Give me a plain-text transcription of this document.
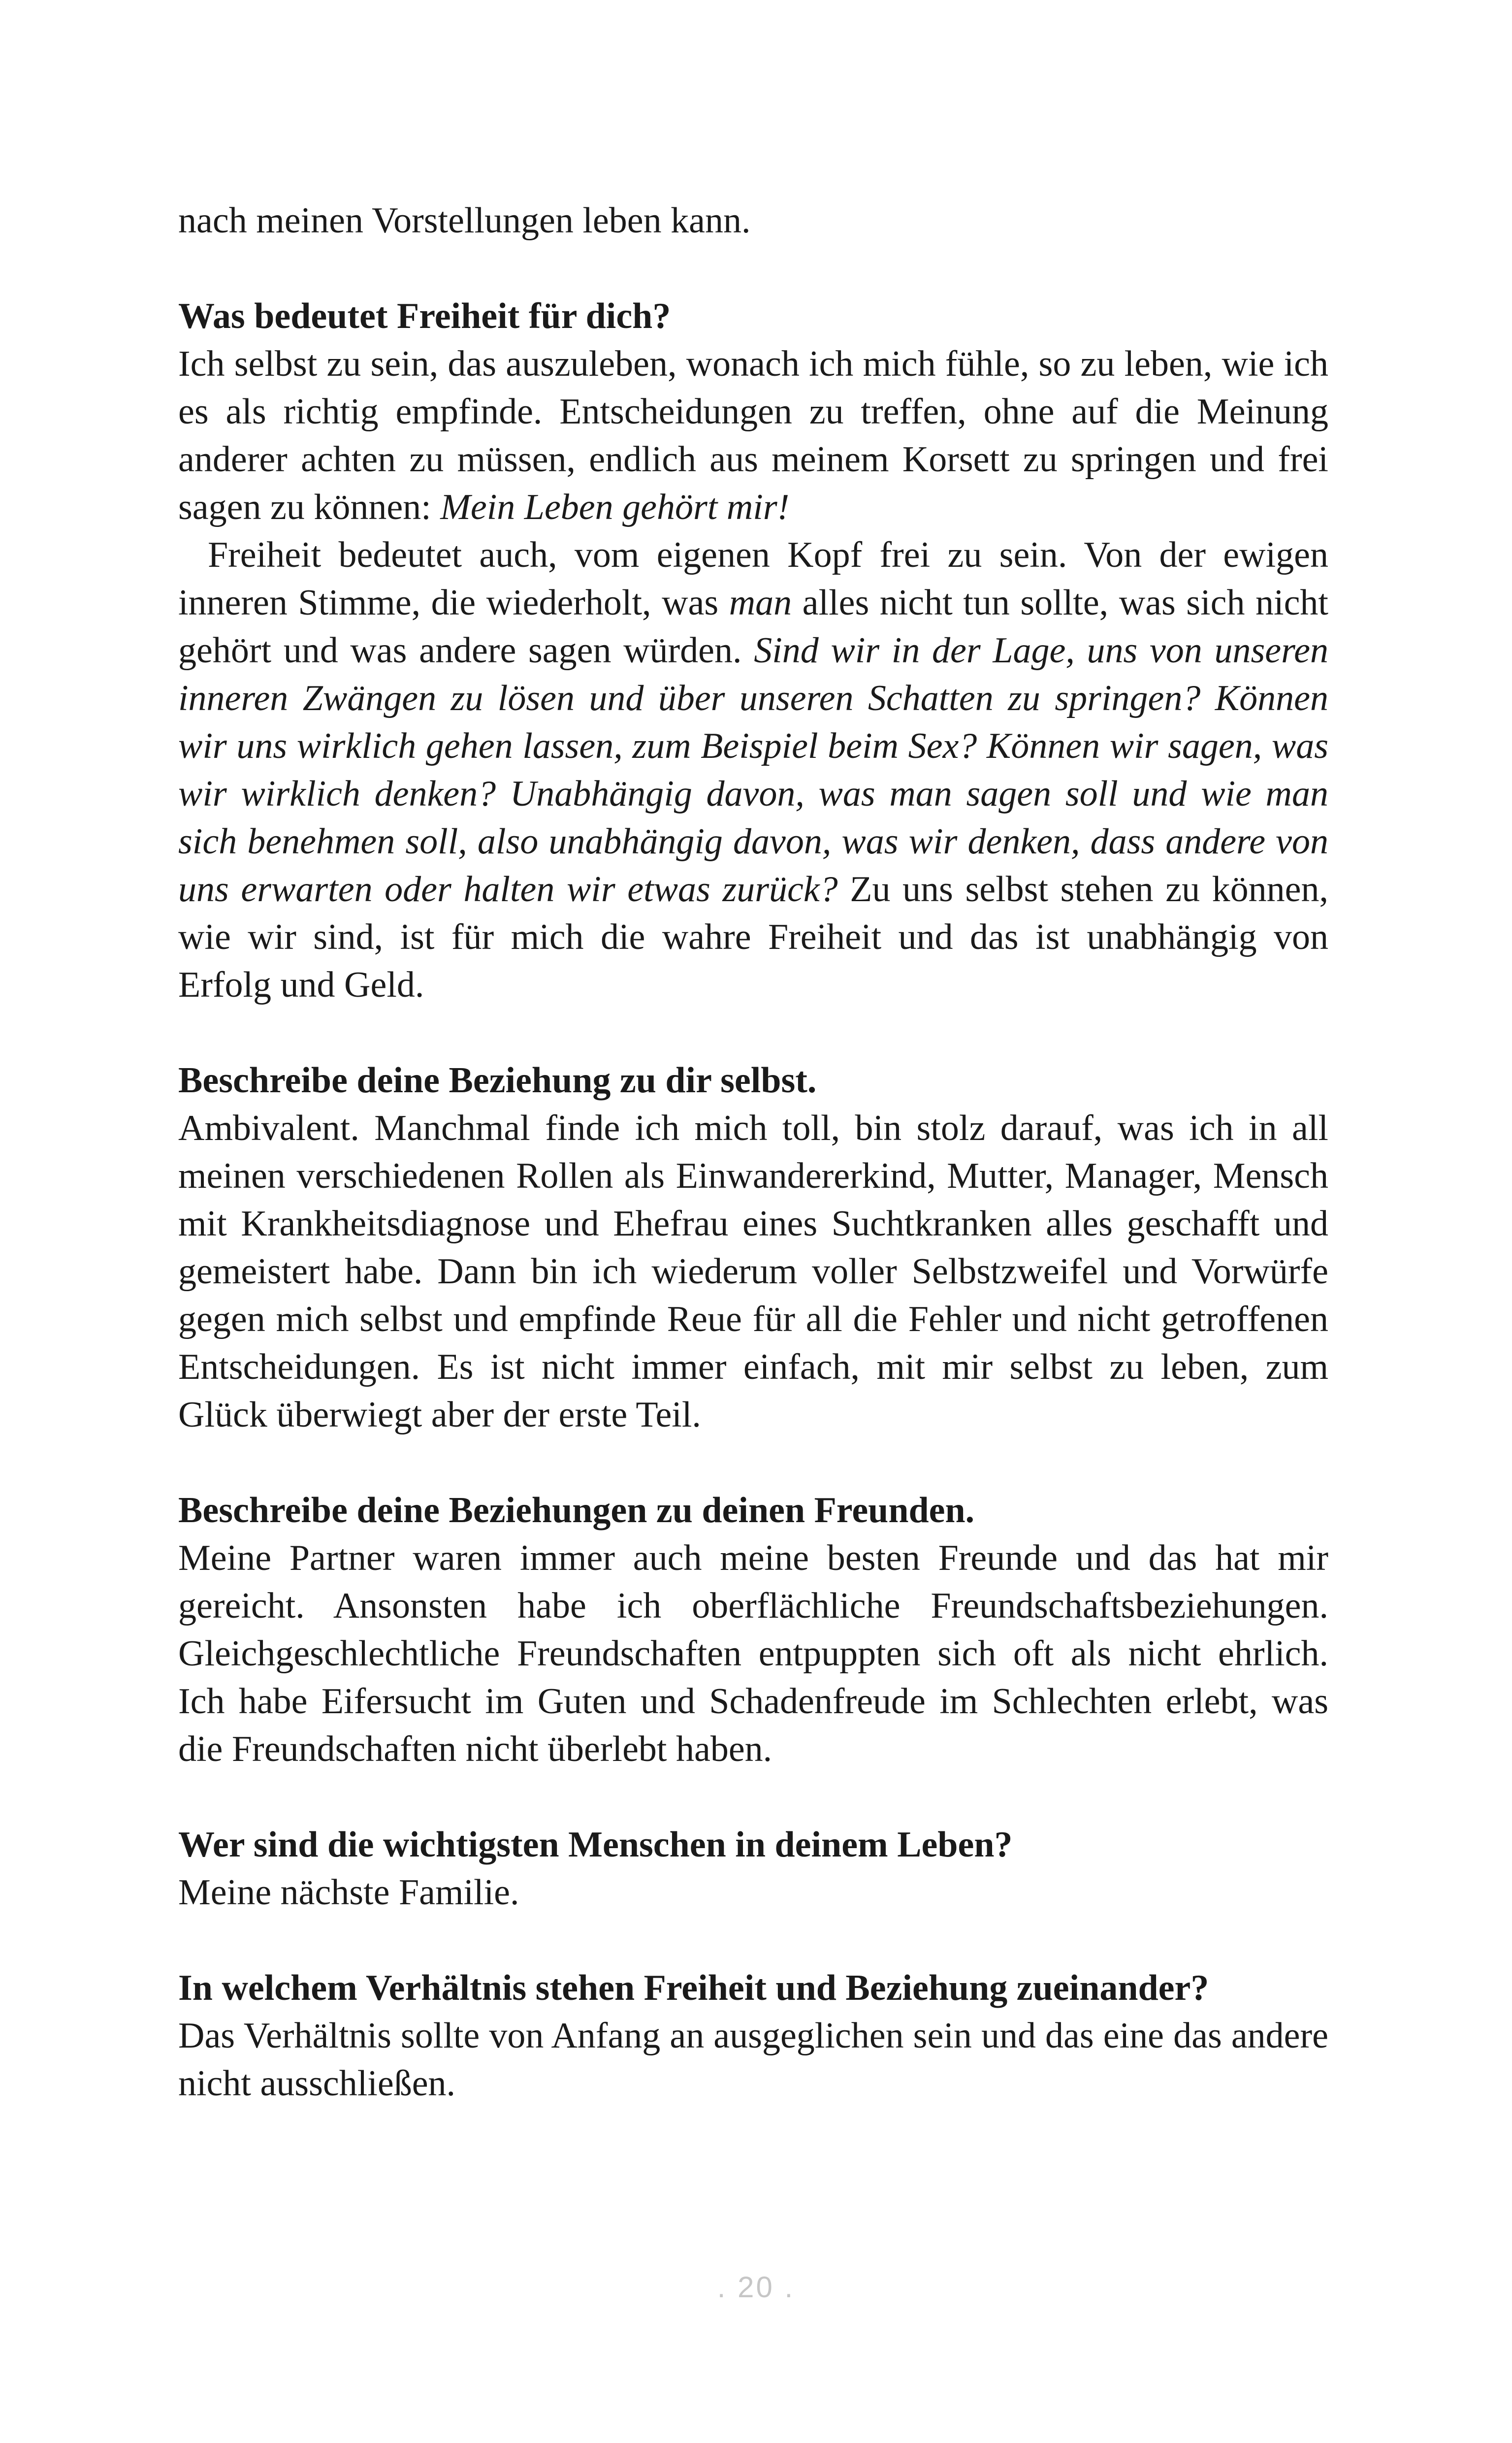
nach meinen Vorstellungen leben kann.

Was bedeutet Freiheit für dich?

Ich selbst zu sein, das auszuleben, wonach ich mich fühle, so zu leben, wie ich es als richtig empfinde. Entscheidungen zu treffen, ohne auf die Meinung anderer achten zu müssen, endlich aus meinem Korsett zu springen und frei sagen zu können: Mein Leben gehört mir!

Freiheit bedeutet auch, vom eigenen Kopf frei zu sein. Von der ewigen inneren Stimme, die wiederholt, was man alles nicht tun sollte, was sich nicht gehört und was andere sagen würden. Sind wir in der Lage, uns von unseren inneren Zwängen zu lösen und über unseren Schatten zu springen? Können wir uns wirklich gehen lassen, zum Beispiel beim Sex? Können wir sagen, was wir wirklich denken? Unabhängig davon, was man sagen soll und wie man sich benehmen soll, also unabhängig davon, was wir denken, dass andere von uns erwarten oder halten wir etwas zurück? Zu uns selbst stehen zu können, wie wir sind, ist für mich die wahre Freiheit und das ist unabhängig von Erfolg und Geld.

Beschreibe deine Beziehung zu dir selbst.

Ambivalent. Manchmal finde ich mich toll, bin stolz darauf, was ich in all meinen verschiedenen Rollen als Einwandererkind, Mutter, Manager, Mensch mit Krankheitsdiagnose und Ehefrau eines Suchtkranken alles geschafft und gemeistert habe. Dann bin ich wiederum voller Selbstzweifel und Vorwürfe gegen mich selbst und empfinde Reue für all die Fehler und nicht getroffenen Entscheidungen. Es ist nicht immer einfach, mit mir selbst zu leben, zum Glück überwiegt aber der erste Teil.

Beschreibe deine Beziehungen zu deinen Freunden.

Meine Partner waren immer auch meine besten Freunde und das hat mir gereicht. Ansonsten habe ich oberflächliche Freundschaftsbeziehungen. Gleichgeschlechtliche Freundschaften entpuppten sich oft als nicht ehrlich. Ich habe Eifersucht im Guten und Schadenfreude im Schlechten erlebt, was die Freundschaften nicht überlebt haben.

Wer sind die wichtigsten Menschen in deinem Leben?

Meine nächste Familie.

In welchem Verhältnis stehen Freiheit und Beziehung zueinander?

Das Verhältnis sollte von Anfang an ausgeglichen sein und das eine das andere nicht ausschließen.

. 20 .
